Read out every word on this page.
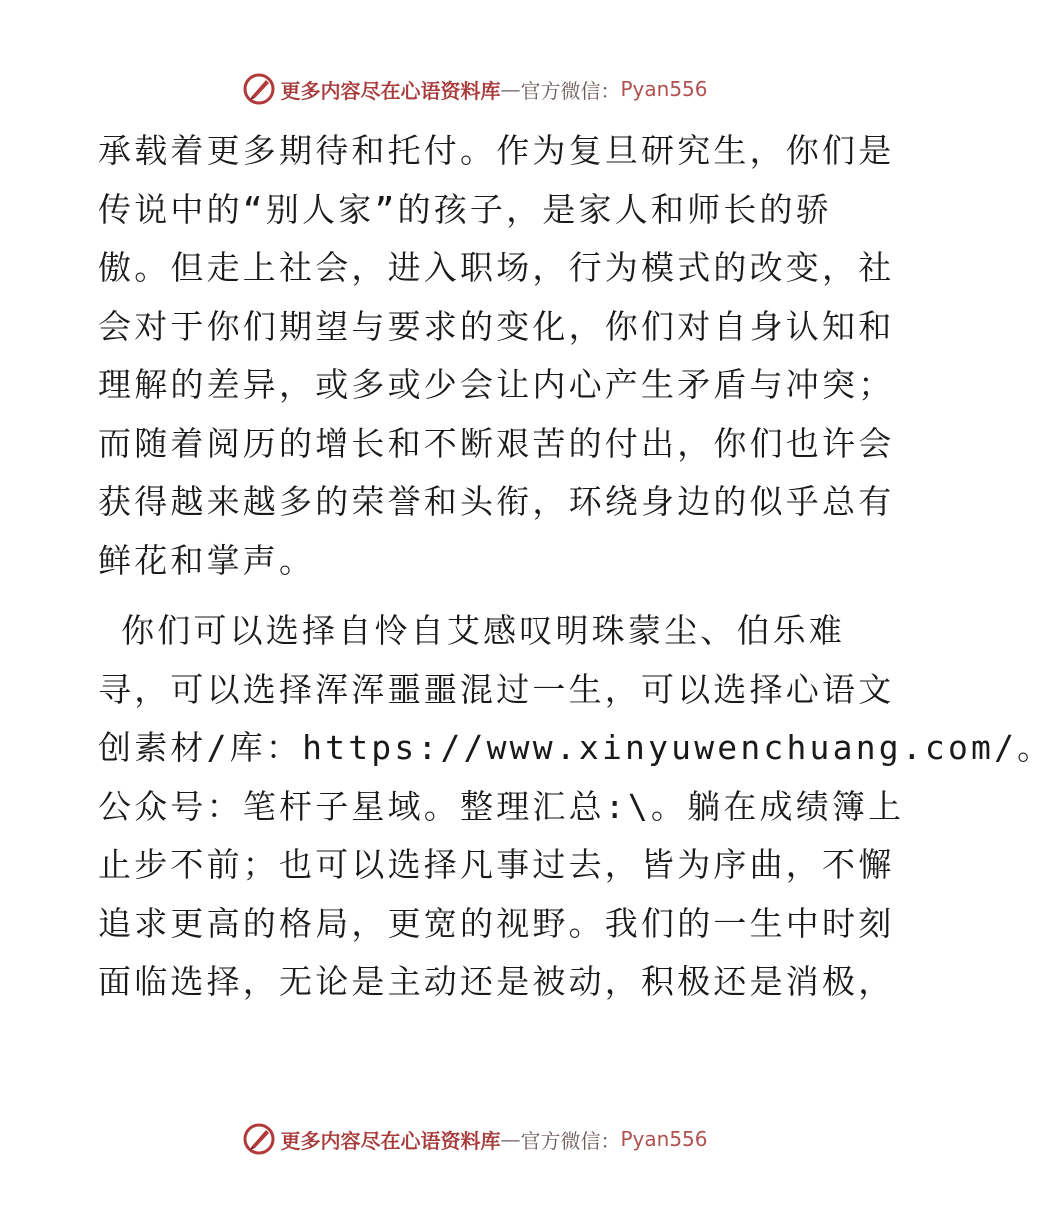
更多内容尽在心语资料库 — 官方微信： Pyan556
承载着更多期待和托付。作为复旦研究生，你们是
传说中的“别人家”的孩子，是家人和师长的骄
傲。但走上社会，进入职场，行为模式的改变，社
会对于你们期望与要求的变化，你们对自身认知和
理解的差异，或多或少会让内心产生矛盾与冲突；
而随着阅历的增长和不断艰苦的付出，你们也许会
获得越来越多的荣誉和头衔，环绕身边的似乎总有
鲜花和掌声。
你们可以选择自怜自艾感叹明珠蒙尘、伯乐难
寻，可以选择浑浑噩噩混过一生，可以选择心语文
创素材/库：https://www.xinyuwenchuang.com/。
公众号：笔杆子星域。整理汇总:\。躺在成绩簿上
止步不前；也可以选择凡事过去，皆为序曲，不懈
追求更高的格局，更宽的视野。我们的一生中时刻
面临选择，无论是主动还是被动，积极还是消极，
更多内容尽在心语资料库 — 官方微信： Pyan556
